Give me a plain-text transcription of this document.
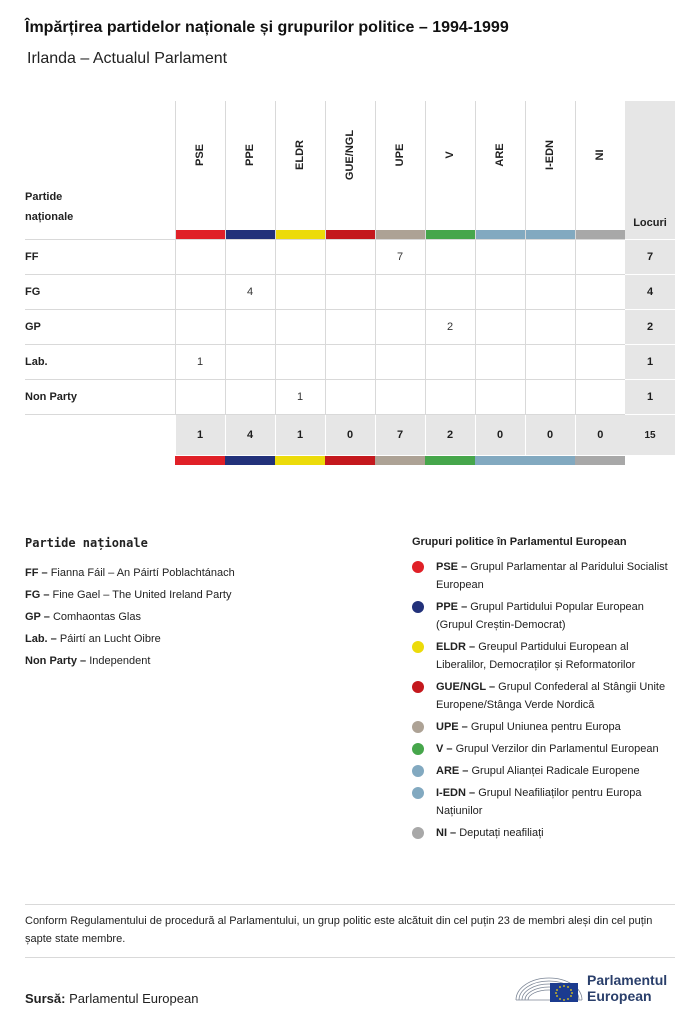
Împărțirea partidelor naționale și grupurilor politice – 1994-1999

Irlanda – Actualul Parlament

Partide
naționale	PSE	PPE	ELDR	GUE/NGL	UPE	V	ARE	I-EDN	NI	Locuri
FF					7					7
FG		4								4
GP						2				2
Lab.	1									1
Non Party			1							1
	1	4	1	0	7	2	0	0	0	15

Partide naționale
FF – Fianna Fáil – An Páirtí Poblachtánach
FG – Fine Gael – The United Ireland Party
GP – Comhaontas Glas
Lab. – Páirtí an Lucht Oibre
Non Party – Independent
Grupuri politice în Parlamentul European
PSE – Grupul Parlamentar al Paridului Socialist European
PPE – Grupul Partidului Popular European (Grupul Creștin-Democrat)
ELDR – Greupul Partidului European al Liberalilor, Democraților și Reformatorilor
GUE/NGL – Grupul Confederal al Stângii Unite Europene/Stânga Verde Nordică
UPE – Grupul Uniunea pentru Europa
V – Grupul Verzilor din Parlamentul European
ARE – Grupul Alianței Radicale Europene
I-EDN – Grupul Neafiliaților pentru Europa Națiunilor
NI – Deputați neafiliați

Conform Regulamentului de procedură al Parlamentului, un grup politic este alcătuit din cel puțin 23 de membri aleși din cel puțin șapte state membre.

Sursă: Parlamentul European
Parlamentul
European
